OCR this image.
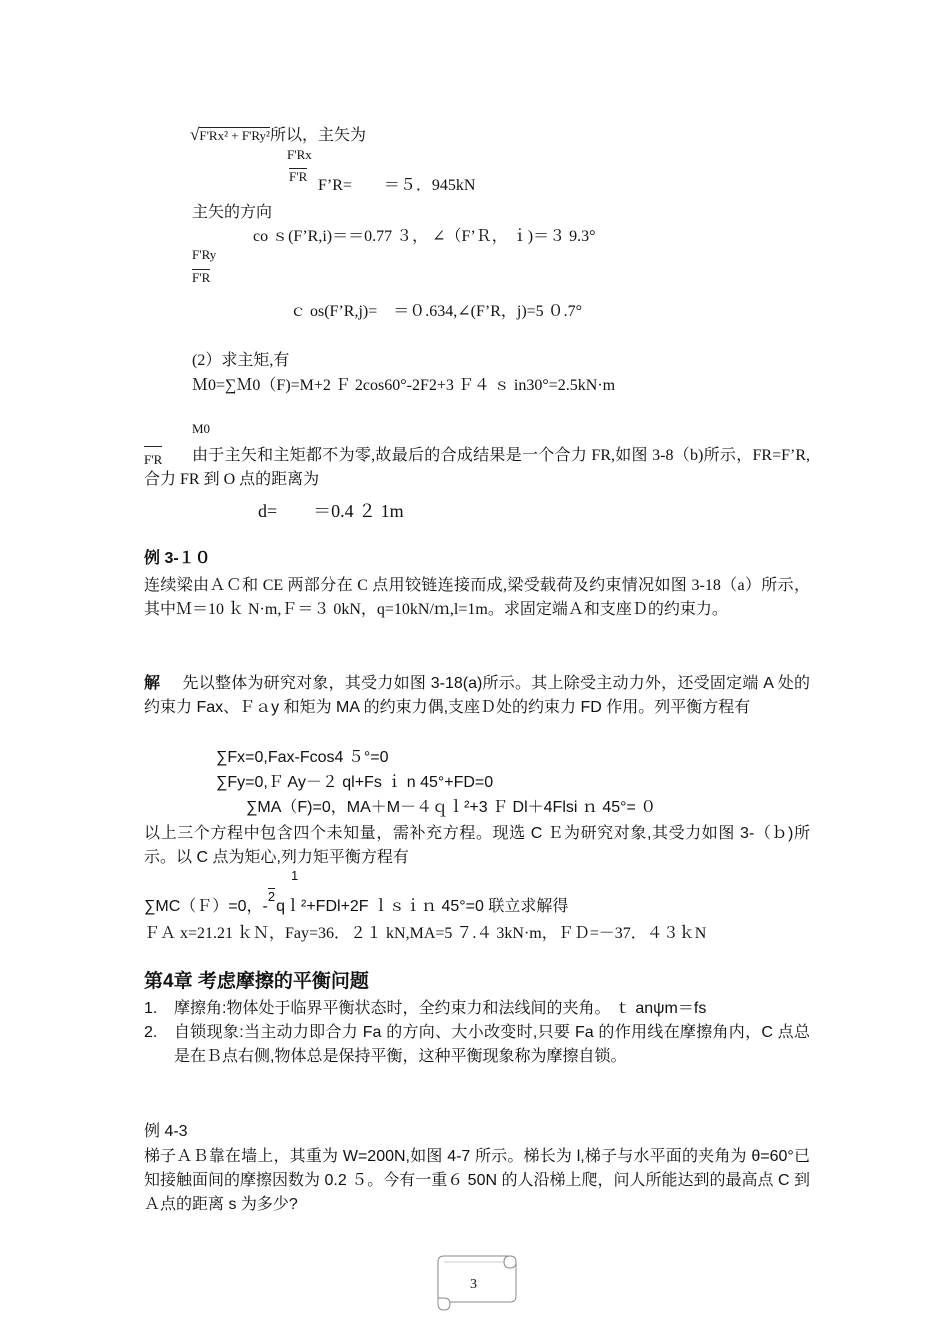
√F'Rx² + F'Ry²所以，主矢为
F'Rx
F'R
F’R=　　＝５．945kN
主矢的方向
co ｓ(F’R,i)＝＝0.77 ３， ∠（F’Ｒ， ｉ)＝３ 9.3°
F'Ry
F'R
ｃ os(F’R,j)=　＝０.634,∠(F’R，j)=5 ０.7°
(2）求主矩,有
Ｍ0=∑Ｍ0（F)=M+2 Ｆ 2cos60°-2F2+3 Ｆ４ ｓ in30°=2.5kN·m
M0
F'R 由于主矢和主矩都不为零,故最后的合成结果是一个合力 FR,如图 3-8（b)所示，FR=F’R,合力 FR 到 O 点的距离为
d=　　＝0.4 ２ 1m
例 3-１０
连续梁由ＡＣ和 CE 两部分在 C 点用铰链连接而成,梁受载荷及约束情况如图 3-18（a）所示，其中Ｍ＝10 ｋ N·m,Ｆ＝３ 0kN，q=10kN/ｍ,l=1m。求固定端Ａ和支座Ｄ的约束力。
解 先以整体为研究对象，其受力如图 3-18(a)所示。其上除受主动力外，还受固定端 A 处的约束力 Fax、Ｆａy 和矩为 MA 的约束力偶,支座Ｄ处的约束力 FD 作用。列平衡方程有
∑Fx=0,Fax-Fcos4 ５°=0
∑Fy=0,Ｆ Ay－２ ql+Fs ｉ n 45°+FD=0
∑MA（F)=0，MA＋M－４ｑｌ²+3 Ｆ Dl＋4Flsi ｎ 45°= ０
以上三个方程中包含四个未知量，需补充方程。现选 C Ｅ为研究对象,其受力如图 3-（ｂ)所示。以 C 点为矩心,列力矩平衡方程有
1
∑MC（Ｆ）=0，-$^2$qｌ²+FDl+2F ｌｓｉｎ 45°=0 联立求解得
ＦＡ x=21.21 ｋＮ，Fay=36．２１ kN,MA=5 ７.４ 3kN·m，ＦＤ=－37．４３ｋN
第4章 考虑摩擦的平衡问题
1. 摩擦角:物体处于临界平衡状态时，全约束力和法线间的夹角。 ｔ anψm＝fs
2. 自锁现象:当主动力即合力 Fa 的方向、大小改变时,只要 Fa 的作用线在摩擦角内，C 点总是在Ｂ点右侧,物体总是保持平衡，这种平衡现象称为摩擦自锁。
例 4-3
梯子ＡＢ靠在墙上，其重为 W=200N,如图 4-7 所示。梯长为 l,梯子与水平面的夹角为 θ=60°已知接触面间的摩擦因数为 0.2 ５。今有一重６ 50N 的人沿梯上爬，问人所能达到的最高点 C 到Ａ点的距离 s 为多少?
3
